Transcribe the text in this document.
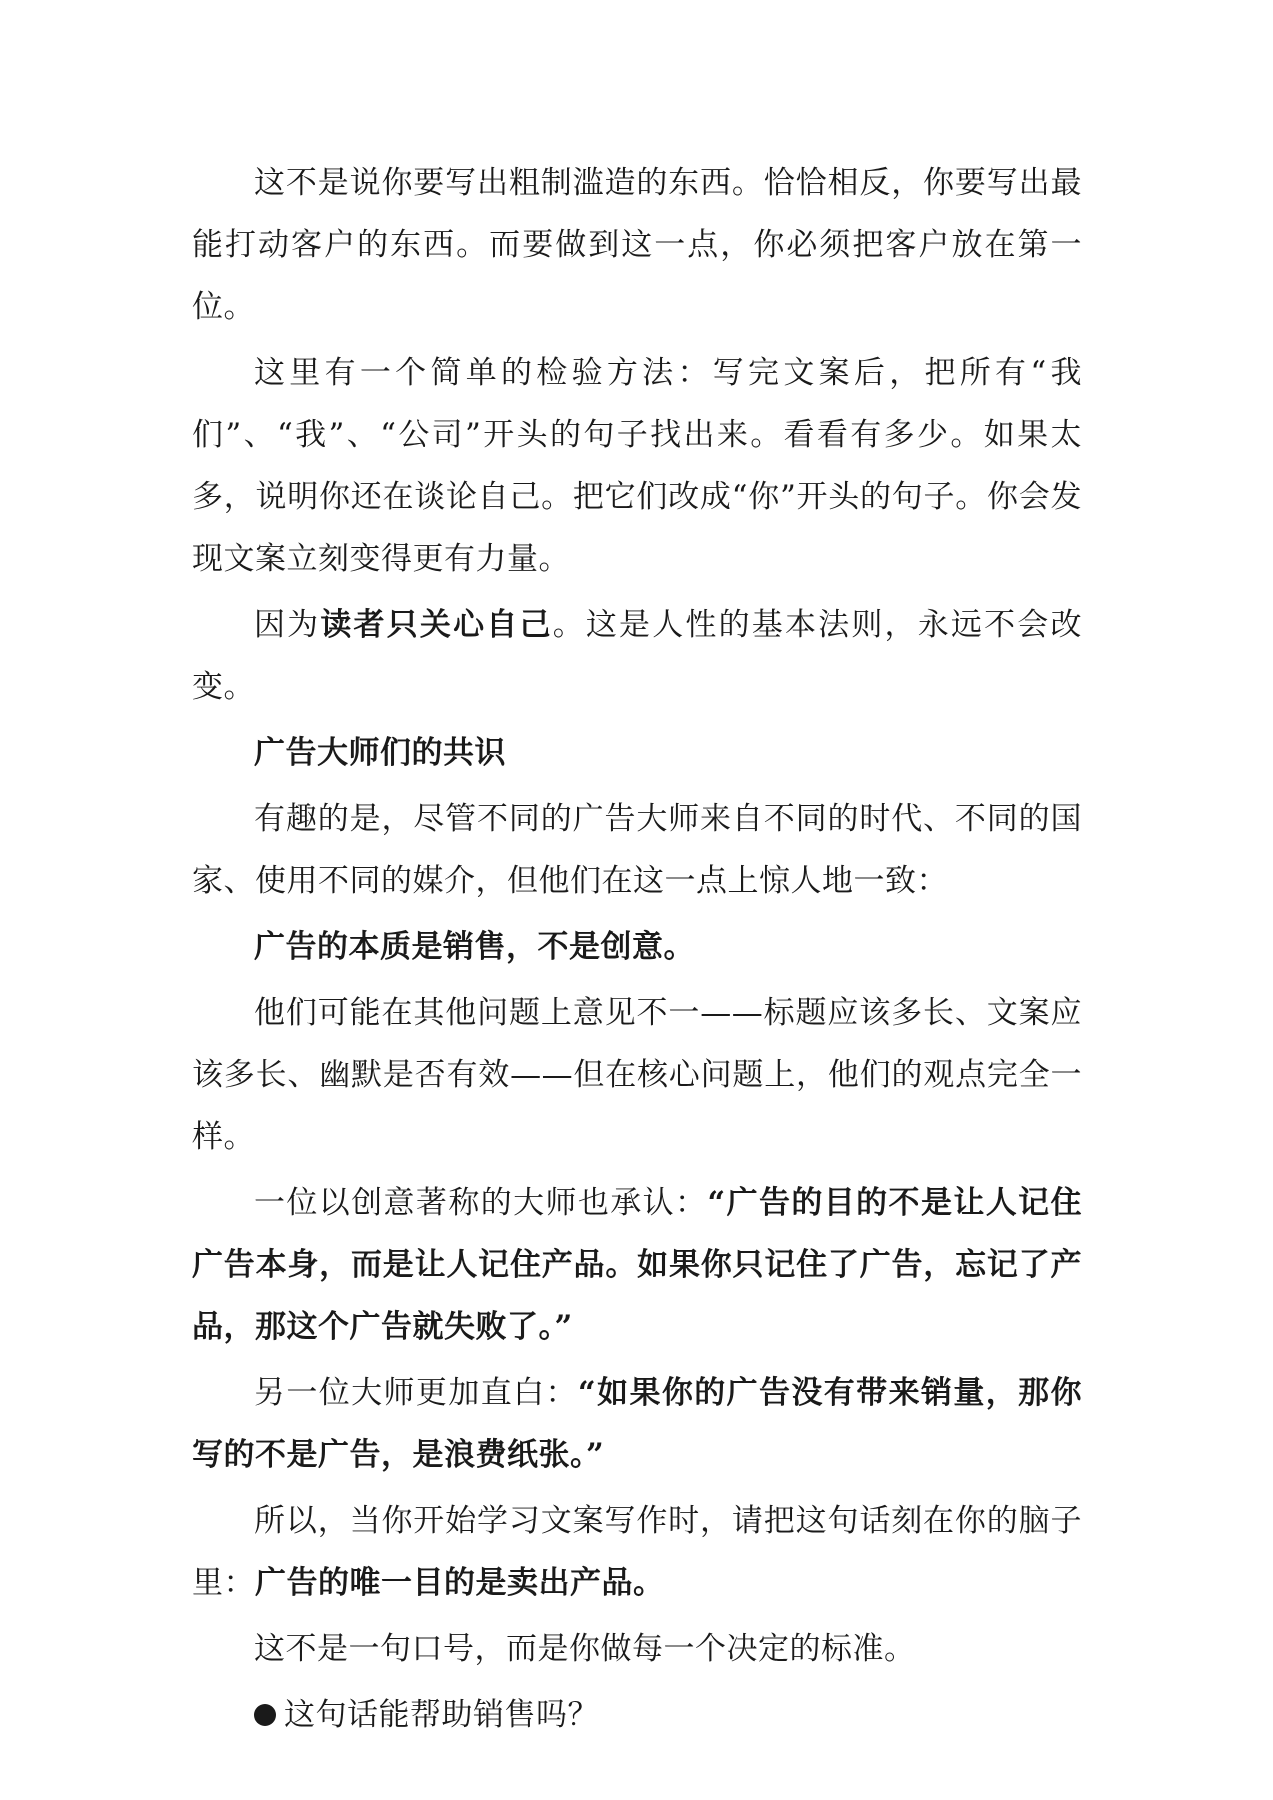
这不是说你要写出粗制滥造的东西。恰恰相反，你要写出最能打动客户的东西。而要做到这一点，你必须把客户放在第一位。

这里有一个简单的检验方法：写完文案后，把所有“我们”、“我”、“公司”开头的句子找出来。看看有多少。如果太多，说明你还在谈论自己。把它们改成“你”开头的句子。你会发现文案立刻变得更有力量。

因为读者只关心自己。这是人性的基本法则，永远不会改变。

广告大师们的共识

有趣的是，尽管不同的广告大师来自不同的时代、不同的国家、使用不同的媒介，但他们在这一点上惊人地一致：

广告的本质是销售，不是创意。

他们可能在其他问题上意见不一——标题应该多长、文案应该多长、幽默是否有效——但在核心问题上，他们的观点完全一样。

一位以创意著称的大师也承认：“广告的目的不是让人记住广告本身，而是让人记住产品。如果你只记住了广告，忘记了产品，那这个广告就失败了。”

另一位大师更加直白：“如果你的广告没有带来销量，那你写的不是广告，是浪费纸张。”

所以，当你开始学习文案写作时，请把这句话刻在你的脑子里：广告的唯一目的是卖出产品。

这不是一句口号，而是你做每一个决定的标准。

这句话能帮助销售吗？
